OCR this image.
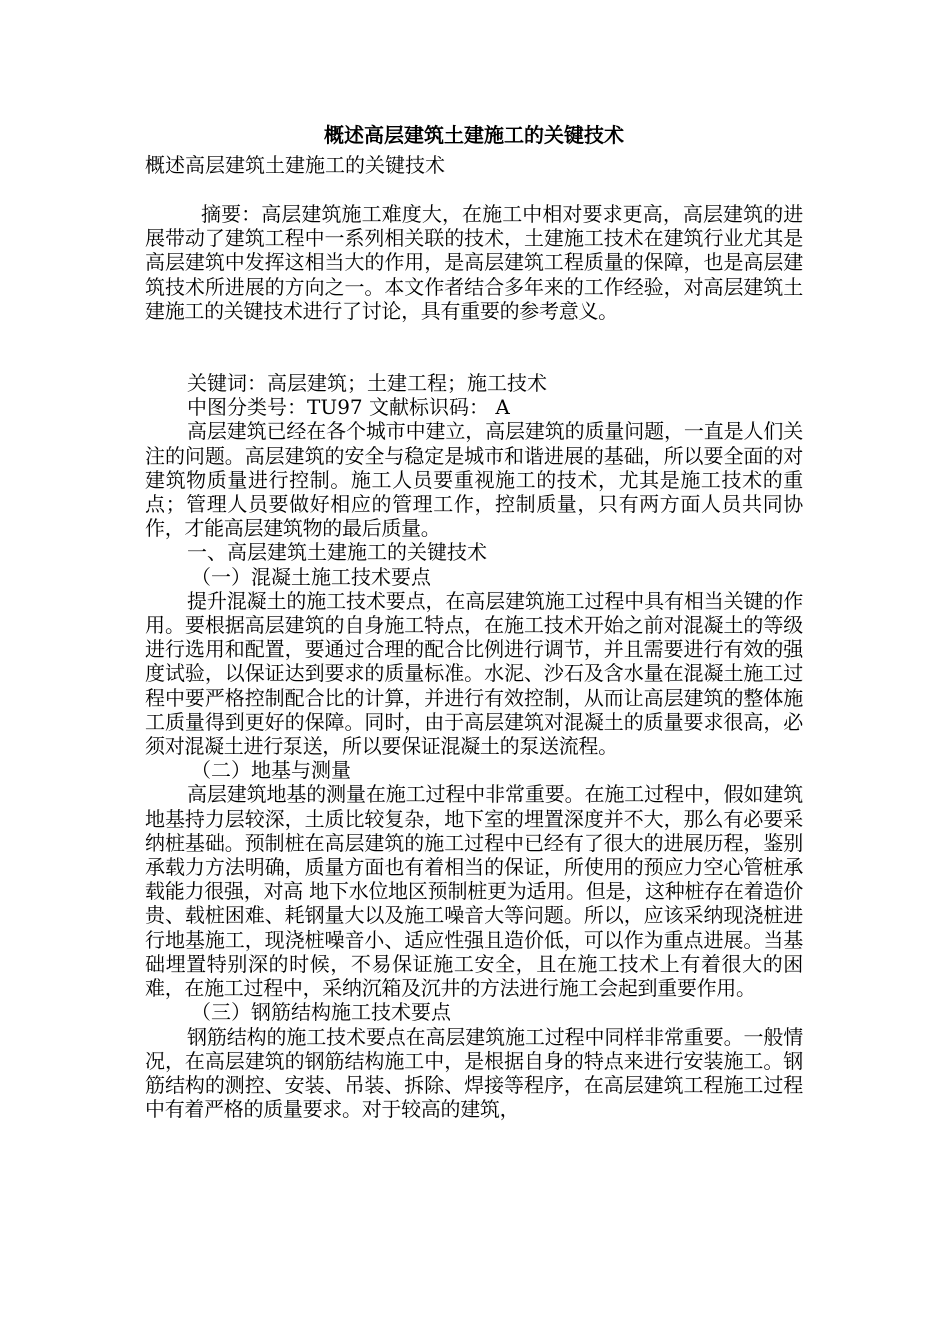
概述高层建筑土建施工的关键技术

概述高层建筑土建施工的关键技术

摘要：高层建筑施工难度大，在施工中相对要求更高，高层建筑的进展带动了建筑工程中一系列相关联的技术，土建施工技术在建筑行业尤其是高层建筑中发挥这相当大的作用，是高层建筑工程质量的保障，也是高层建筑技术所进展的方向之一。本文作者结合多年来的工作经验，对高层建筑土建施工的关键技术进行了讨论，具有重要的参考意义。

关键词：高层建筑；土建工程；施工技术

中图分类号：TU97 文献标识码： A

高层建筑已经在各个城市中建立，高层建筑的质量问题，一直是人们关注的问题。高层建筑的安全与稳定是城市和谐进展的基础，所以要全面的对建筑物质量进行控制。施工人员要重视施工的技术，尤其是施工技术的重点；管理人员要做好相应的管理工作，控制质量，只有两方面人员共同协作，才能高层建筑物的最后质量。

一、高层建筑土建施工的关键技术

（一）混凝土施工技术要点

提升混凝土的施工技术要点，在高层建筑施工过程中具有相当关键的作用。要根据高层建筑的自身施工特点，在施工技术开始之前对混凝土的等级进行选用和配置，要通过合理的配合比例进行调节，并且需要进行有效的强度试验，以保证达到要求的质量标准。水泥、沙石及含水量在混凝土施工过程中要严格控制配合比的计算，并进行有效控制，从而让高层建筑的整体施工质量得到更好的保障。同时，由于高层建筑对混凝土的质量要求很高，必须对混凝土进行泵送，所以要保证混凝土的泵送流程。

（二）地基与测量

高层建筑地基的测量在施工过程中非常重要。在施工过程中，假如建筑地基持力层较深，土质比较复杂，地下室的埋置深度并不大，那么有必要采纳桩基础。预制桩在高层建筑的施工过程中已经有了很大的进展历程，鉴别承载力方法明确，质量方面也有着相当的保证，所使用的预应力空心管桩承载能力很强，对高 地下水位地区预制桩更为适用。但是，这种桩存在着造价贵、载桩困难、耗钢量大以及施工噪音大等问题。所以，应该采纳现浇桩进行地基施工，现浇桩噪音小、适应性强且造价低，可以作为重点进展。当基础埋置特别深的时候，不易保证施工安全，且在施工技术上有着很大的困难，在施工过程中，采纳沉箱及沉井的方法进行施工会起到重要作用。

（三）钢筋结构施工技术要点

钢筋结构的施工技术要点在高层建筑施工过程中同样非常重要。一般情况，在高层建筑的钢筋结构施工中，是根据自身的特点来进行安装施工。钢筋结构的测控、安装、吊装、拆除、焊接等程序，在高层建筑工程施工过程中有着严格的质量要求。对于较高的建筑，
